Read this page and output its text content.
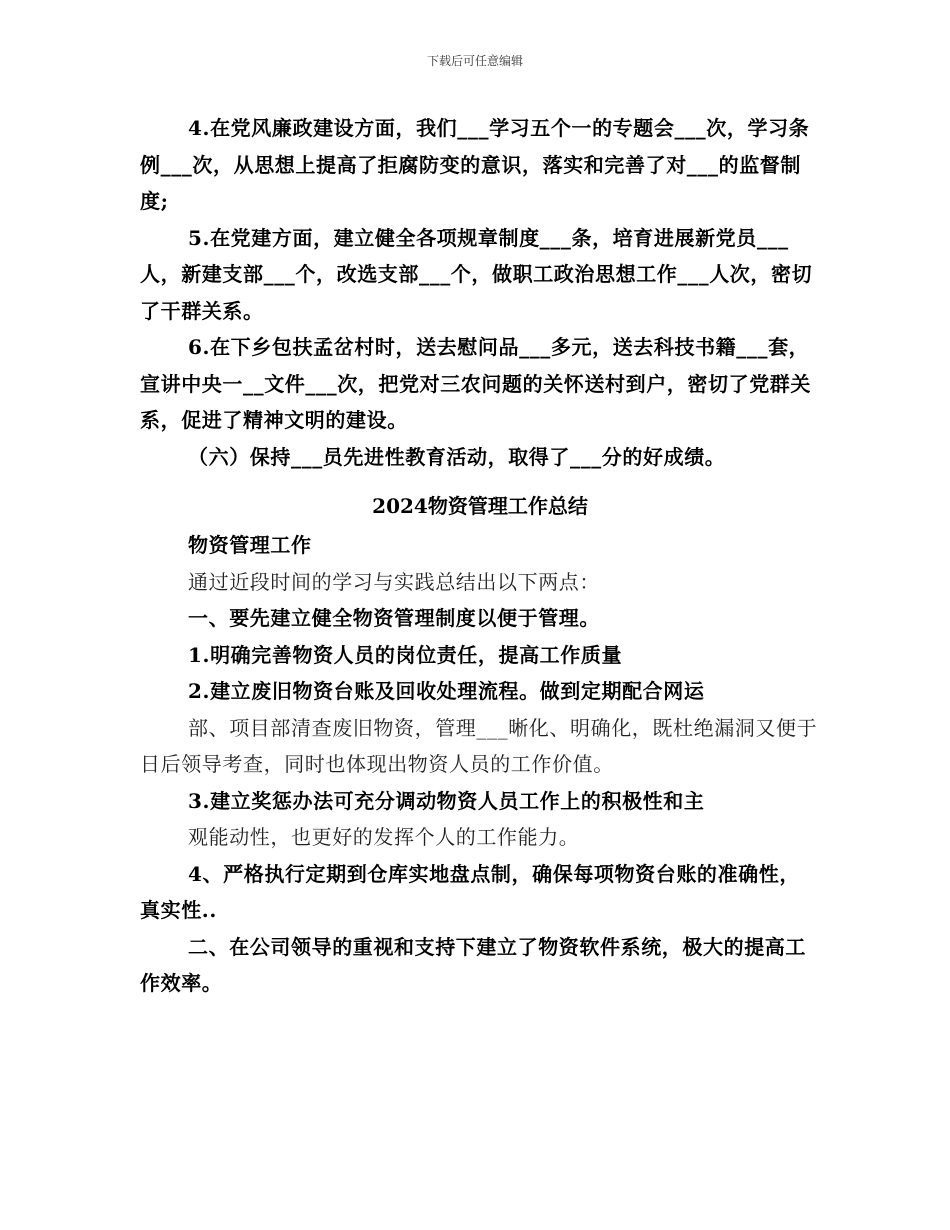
下载后可任意编辑

4.在党风廉政建设方面，我们___学习五个一的专题会___次，学习条例___次，从思想上提高了拒腐防变的意识，落实和完善了对___的监督制度;

5.在党建方面，建立健全各项规章制度___条，培育进展新党员___人，新建支部___个，改选支部___个，做职工政治思想工作___人次，密切了干群关系。

6.在下乡包扶孟岔村时，送去慰问品___多元，送去科技书籍___套，宣讲中央一__文件___次，把党对三农问题的关怀送村到户，密切了党群关系，促进了精神文明的建设。

（六）保持___员先进性教育活动，取得了___分的好成绩。

2024物资管理工作总结

物资管理工作

通过近段时间的学习与实践总结出以下两点：

一、要先建立健全物资管理制度以便于管理。

1.明确完善物资人员的岗位责任，提高工作质量

2.建立废旧物资台账及回收处理流程。做到定期配合网运

部、项目部清查废旧物资，管理___晰化、明确化，既杜绝漏洞又便于日后领导考查，同时也体现出物资人员的工作价值。

3.建立奖惩办法可充分调动物资人员工作上的积极性和主

观能动性，也更好的发挥个人的工作能力。

4、严格执行定期到仓库实地盘点制，确保每项物资台账的准确性，真实性..

二、在公司领导的重视和支持下建立了物资软件系统，极大的提高工作效率。
